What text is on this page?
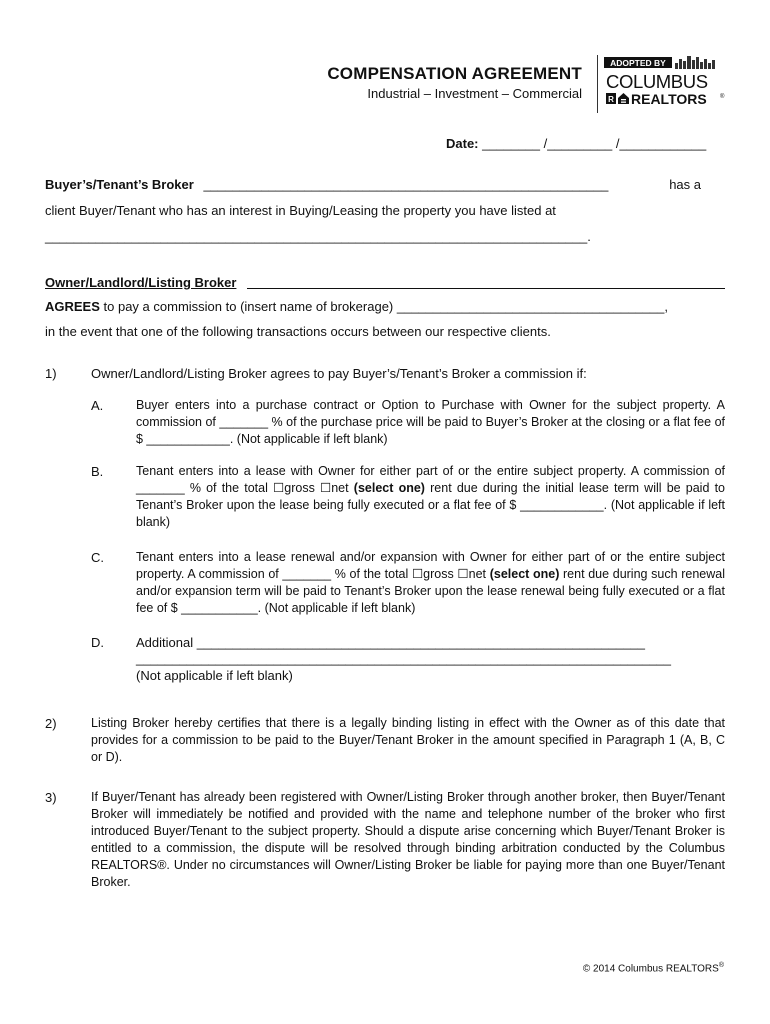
COMPENSATION AGREEMENT
Industrial – Investment – Commercial
ADOPTED BY
COLUMBUS
R REALTORS ®
Date: ________ /_________ /____________
Buyer’s/Tenant’s Broker ________________________________________________________	has a
client Buyer/Tenant who has an interest in Buying/Leasing the property you have listed at
___________________________________________________________________________.
Owner/Landlord/Listing Broker
AGREES to pay a commission to (insert name of brokerage) _____________________________________,
in the event that one of the following transactions occurs between our respective clients.
1)	Owner/Landlord/Listing Broker agrees to pay Buyer’s/Tenant’s Broker a commission if:
A.	Buyer enters into a purchase contract or Option to Purchase with Owner for the subject property. A commission of _______ % of the purchase price will be paid to Buyer’s Broker at the closing or a flat fee of $ ____________. (Not applicable if left blank)
B.	Tenant enters into a lease with Owner for either part of or the entire subject property. A commission of _______ % of the total ☐gross ☐net (select one) rent due during the initial lease term will be paid to Tenant’s Broker upon the lease being fully executed or a flat fee of $ ____________. (Not applicable if left blank)
C.	Tenant enters into a lease renewal and/or expansion with Owner for either part of or the entire subject property. A commission of _______ % of the total ☐gross ☐net (select one) rent due during such renewal and/or expansion term will be paid to Tenant’s Broker upon the lease renewal being fully executed or a flat fee of $ ___________. (Not applicable if left blank)
D. Additional ______________________________________________________________
__________________________________________________________________________
(Not applicable if left blank)
2)	Listing Broker hereby certifies that there is a legally binding listing in effect with the Owner as of this date that provides for a commission to be paid to the Buyer/Tenant Broker in the amount specified in Paragraph 1 (A, B, C or D).
3)	If Buyer/Tenant has already been registered with Owner/Listing Broker through another broker, then Buyer/Tenant Broker will immediately be notified and provided with the name and telephone number of the broker who first introduced Buyer/Tenant to the subject property. Should a dispute arise concerning which Buyer/Tenant Broker is entitled to a commission, the dispute will be resolved through binding arbitration conducted by the Columbus REALTORS®. Under no circumstances will Owner/Listing Broker be liable for paying more than one Buyer/Tenant Broker.
© 2014 Columbus REALTORS®
